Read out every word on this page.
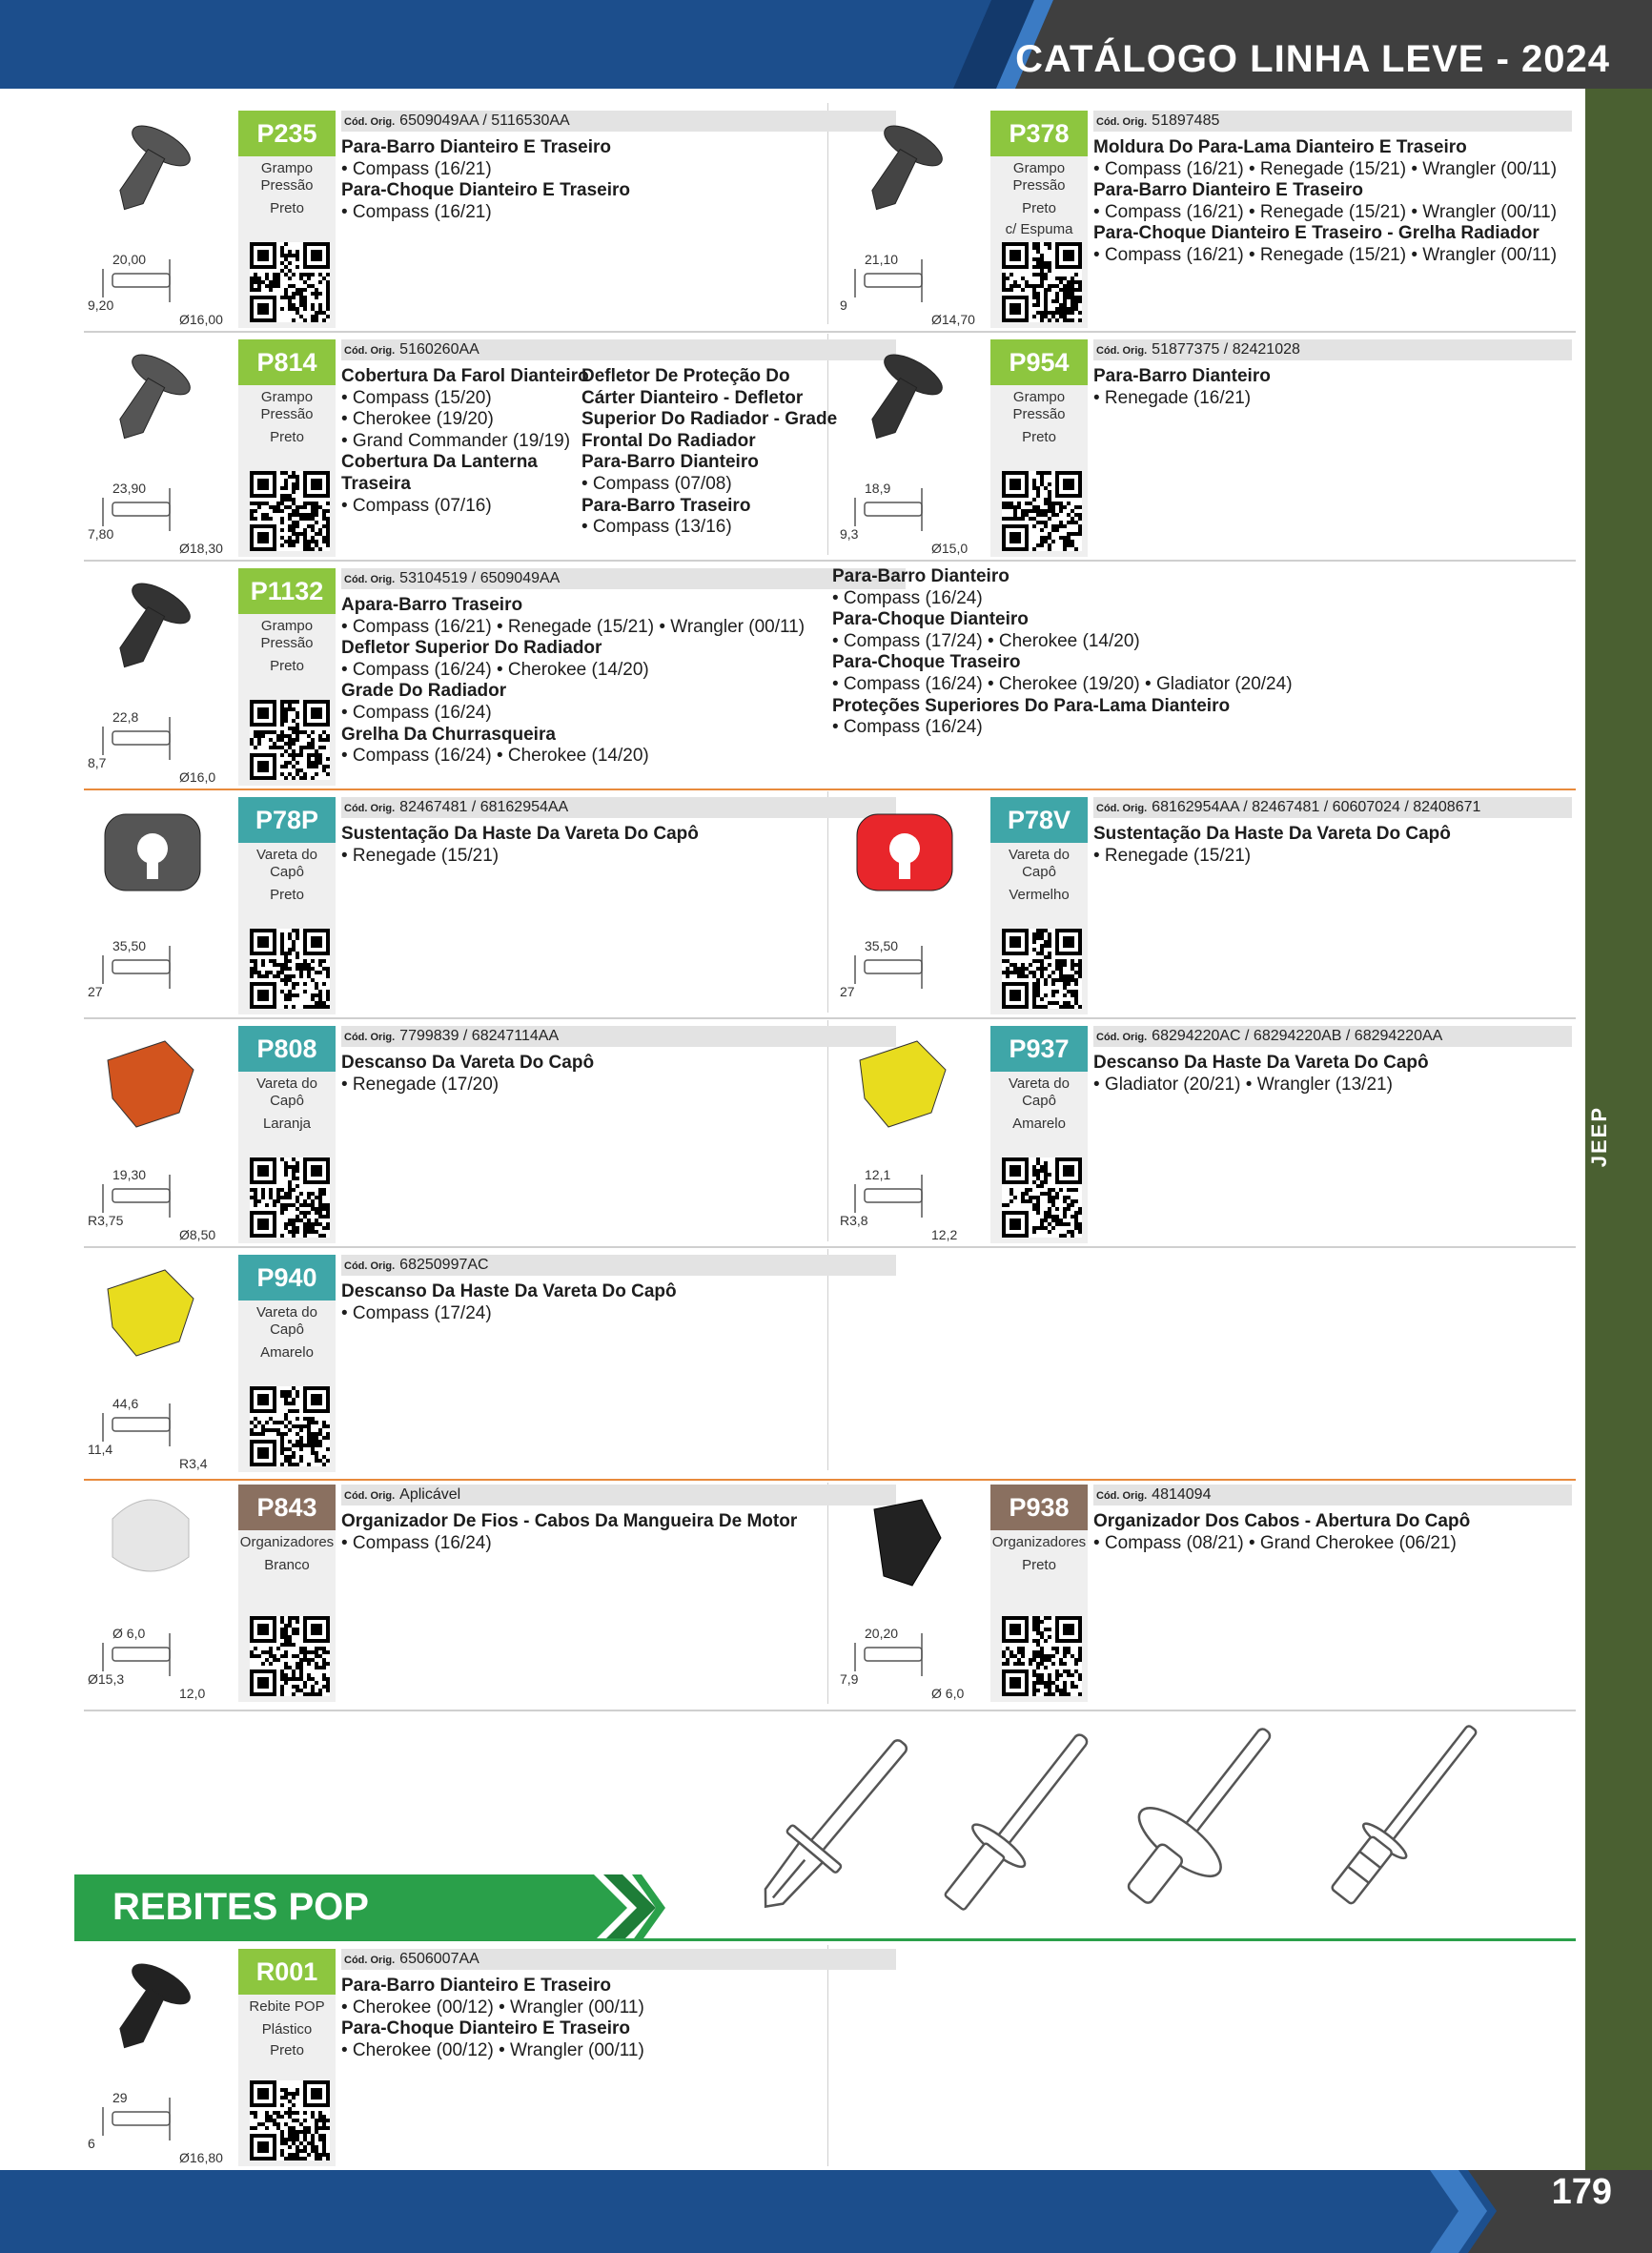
CATÁLOGO LINHA LEVE - 2024
JEEP
20,00
9,20
Ø16,00
P235
Grampo Pressão
Preto
Cód. Orig. 6509049AA / 5116530AA
Para-Barro Dianteiro E Traseiro
• Compass (16/21)
Para-Choque Dianteiro E Traseiro
• Compass (16/21)
21,10
9
Ø14,70
P378
Grampo Pressão
Preto
c/ Espuma
Cód. Orig. 51897485
Moldura Do Para-Lama Dianteiro E Traseiro
• Compass (16/21) • Renegade (15/21) • Wrangler (00/11)
Para-Barro Dianteiro E Traseiro
• Compass (16/21) • Renegade (15/21) • Wrangler (00/11)
Para-Choque Dianteiro E Traseiro - Grelha Radiador
• Compass (16/21) • Renegade (15/21) • Wrangler (00/11)
23,90
7,80
Ø18,30
P814
Grampo Pressão
Preto
Cód. Orig. 5160260AA
Cobertura Da Farol Dianteiro
• Compass (15/20)
• Cherokee (19/20)
• Grand Commander (19/19)
Cobertura Da Lanterna
Traseira
• Compass (07/16)
Defletor De Proteção Do
Cárter Dianteiro - Defletor
Superior Do Radiador - Grade
Frontal Do Radiador
Para-Barro Dianteiro
• Compass (07/08)
Para-Barro Traseiro
• Compass (13/16)
18,9
9,3
Ø15,0
P954
Grampo Pressão
Preto
Cód. Orig. 51877375 / 82421028
Para-Barro Dianteiro
• Renegade (16/21)
22,8
8,7
Ø16,0
P1132
Grampo Pressão
Preto
Cód. Orig. 53104519 / 6509049AA
Apara-Barro Traseiro
• Compass (16/21) • Renegade (15/21) • Wrangler (00/11)
Defletor Superior Do Radiador
• Compass (16/24) • Cherokee (14/20)
Grade Do Radiador
• Compass (16/24)
Grelha Da Churrasqueira
• Compass (16/24) • Cherokee (14/20)
Para-Barro Dianteiro
• Compass (16/24)
Para-Choque Dianteiro
• Compass (17/24) • Cherokee (14/20)
Para-Choque Traseiro
• Compass (16/24) • Cherokee (19/20) • Gladiator (20/24)
Proteções Superiores Do Para-Lama Dianteiro
• Compass (16/24)
35,50
27
P78P
Vareta do Capô
Preto
Cód. Orig. 82467481 / 68162954AA
Sustentação Da Haste Da Vareta Do Capô
• Renegade (15/21)
35,50
27
P78V
Vareta do Capô
Vermelho
Cód. Orig. 68162954AA / 82467481 / 60607024 / 82408671
Sustentação Da Haste Da Vareta Do Capô
• Renegade (15/21)
19,30
R3,75
Ø8,50
P808
Vareta do Capô
Laranja
Cód. Orig. 7799839 / 68247114AA
Descanso Da Vareta Do Capô
• Renegade (17/20)
12,1
R3,8
12,2
P937
Vareta do Capô
Amarelo
Cód. Orig. 68294220AC / 68294220AB / 68294220AA
Descanso Da Haste Da Vareta Do Capô
• Gladiator (20/21) • Wrangler (13/21)
44,6
11,4
R3,4
P940
Vareta do Capô
Amarelo
Cód. Orig. 68250997AC
Descanso Da Haste Da Vareta Do Capô
• Compass (17/24)
Ø 6,0
Ø15,3
12,0
P843
Organizadores
Branco
Cód. Orig. Aplicável
Organizador De Fios - Cabos Da Mangueira De Motor
• Compass (16/24)
20,20
7,9
Ø 6,0
P938
Organizadores
Preto
Cód. Orig. 4814094
Organizador Dos Cabos - Abertura Do Capô
• Compass (08/21) • Grand Cherokee (06/21)
29
6
Ø16,80
R001
Rebite POP
Plástico
Preto
Cód. Orig. 6506007AA
Para-Barro Dianteiro E Traseiro
• Cherokee (00/12) • Wrangler (00/11)
Para-Choque Dianteiro E Traseiro
• Cherokee (00/12) • Wrangler (00/11)
REBITES POP
179
